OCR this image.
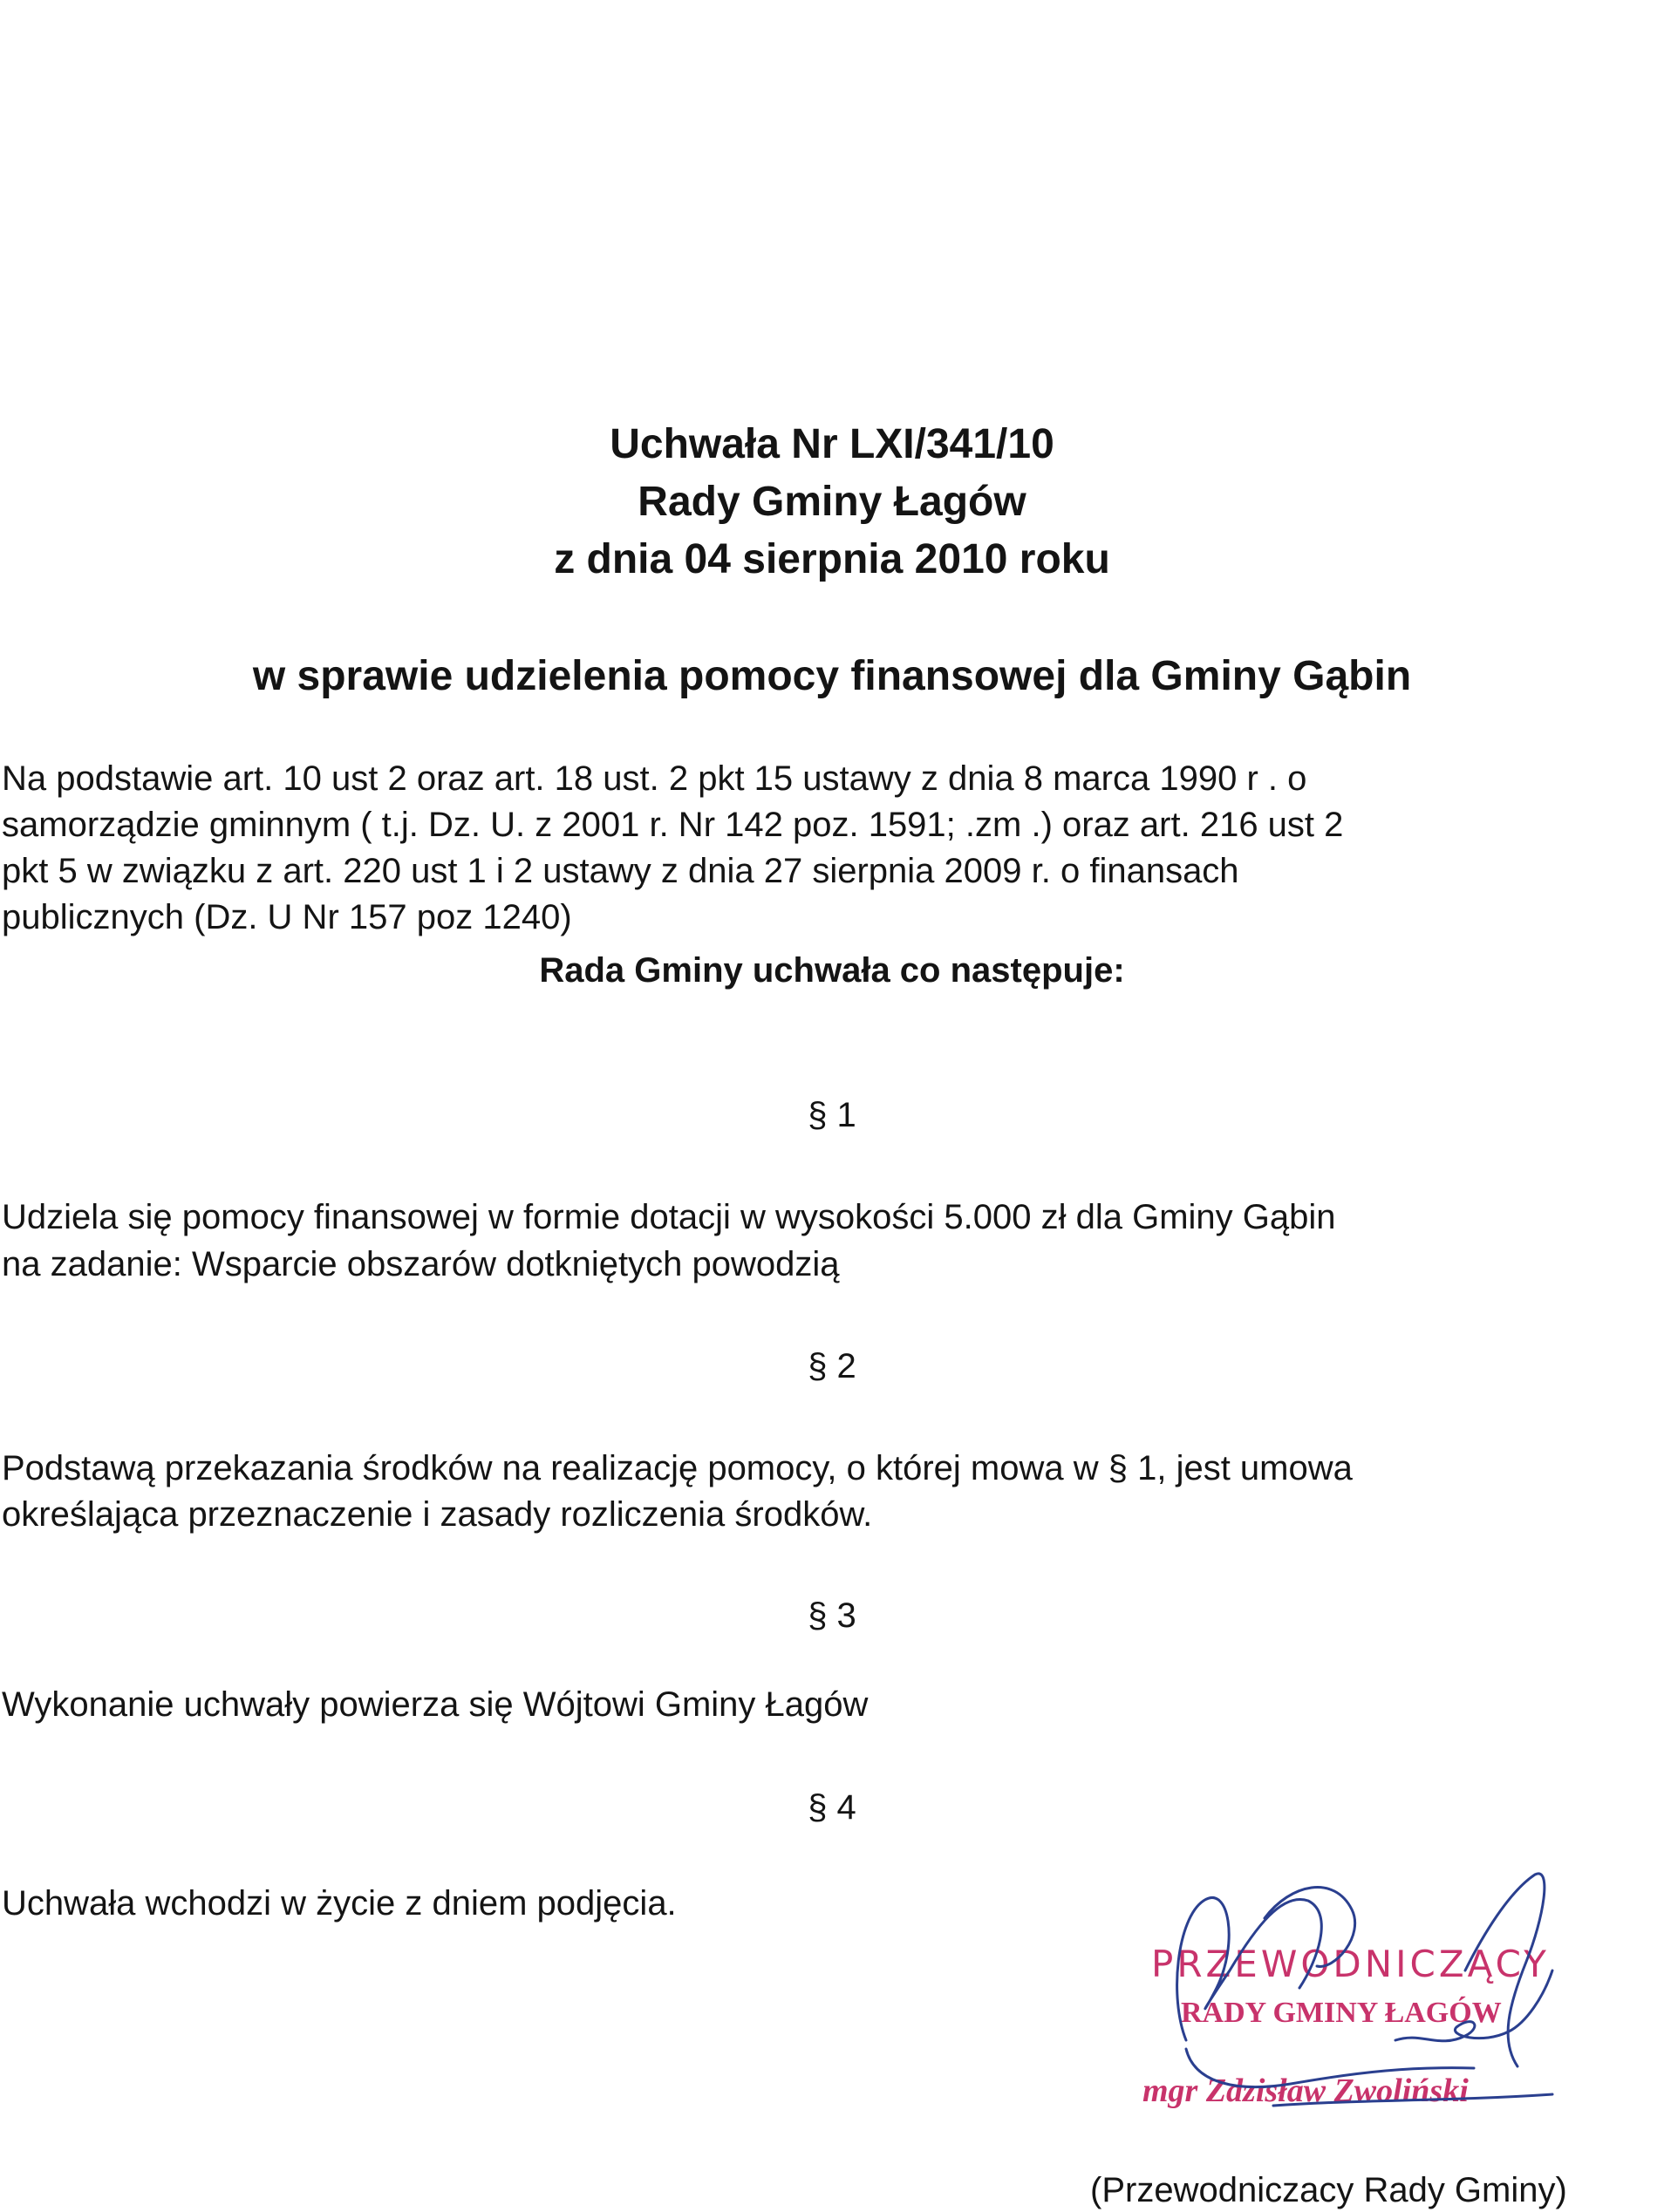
Uchwała Nr LXI/341/10
Rady Gminy Łagów
z dnia 04 sierpnia 2010 roku
w sprawie udzielenia pomocy finansowej dla Gminy Gąbin
Na podstawie art. 10 ust 2 oraz art. 18 ust. 2 pkt 15 ustawy z dnia 8 marca 1990 r . o
samorządzie gminnym ( t.j. Dz. U. z 2001 r. Nr 142 poz. 1591; .zm .) oraz art. 216 ust 2
pkt 5 w związku z art. 220 ust 1 i 2 ustawy z dnia 27 sierpnia 2009 r. o finansach
publicznych (Dz. U Nr 157 poz 1240)
Rada Gminy uchwała co następuje:
§ 1
Udziela się pomocy finansowej w formie dotacji w wysokości 5.000 zł dla Gminy Gąbin
na zadanie: Wsparcie obszarów dotkniętych powodzią
§ 2
Podstawą przekazania środków na realizację pomocy, o której mowa w § 1, jest umowa
określająca przeznaczenie i zasady rozliczenia środków.
§ 3
Wykonanie uchwały powierza się Wójtowi Gminy Łagów
§ 4
Uchwała wchodzi w życie z dniem podjęcia.
PRZEWODNICZĄCY
RADY GMINY ŁAGÓW
mgr Zdzisław Zwoliński
(Przewodniczacy Rady Gminy)
